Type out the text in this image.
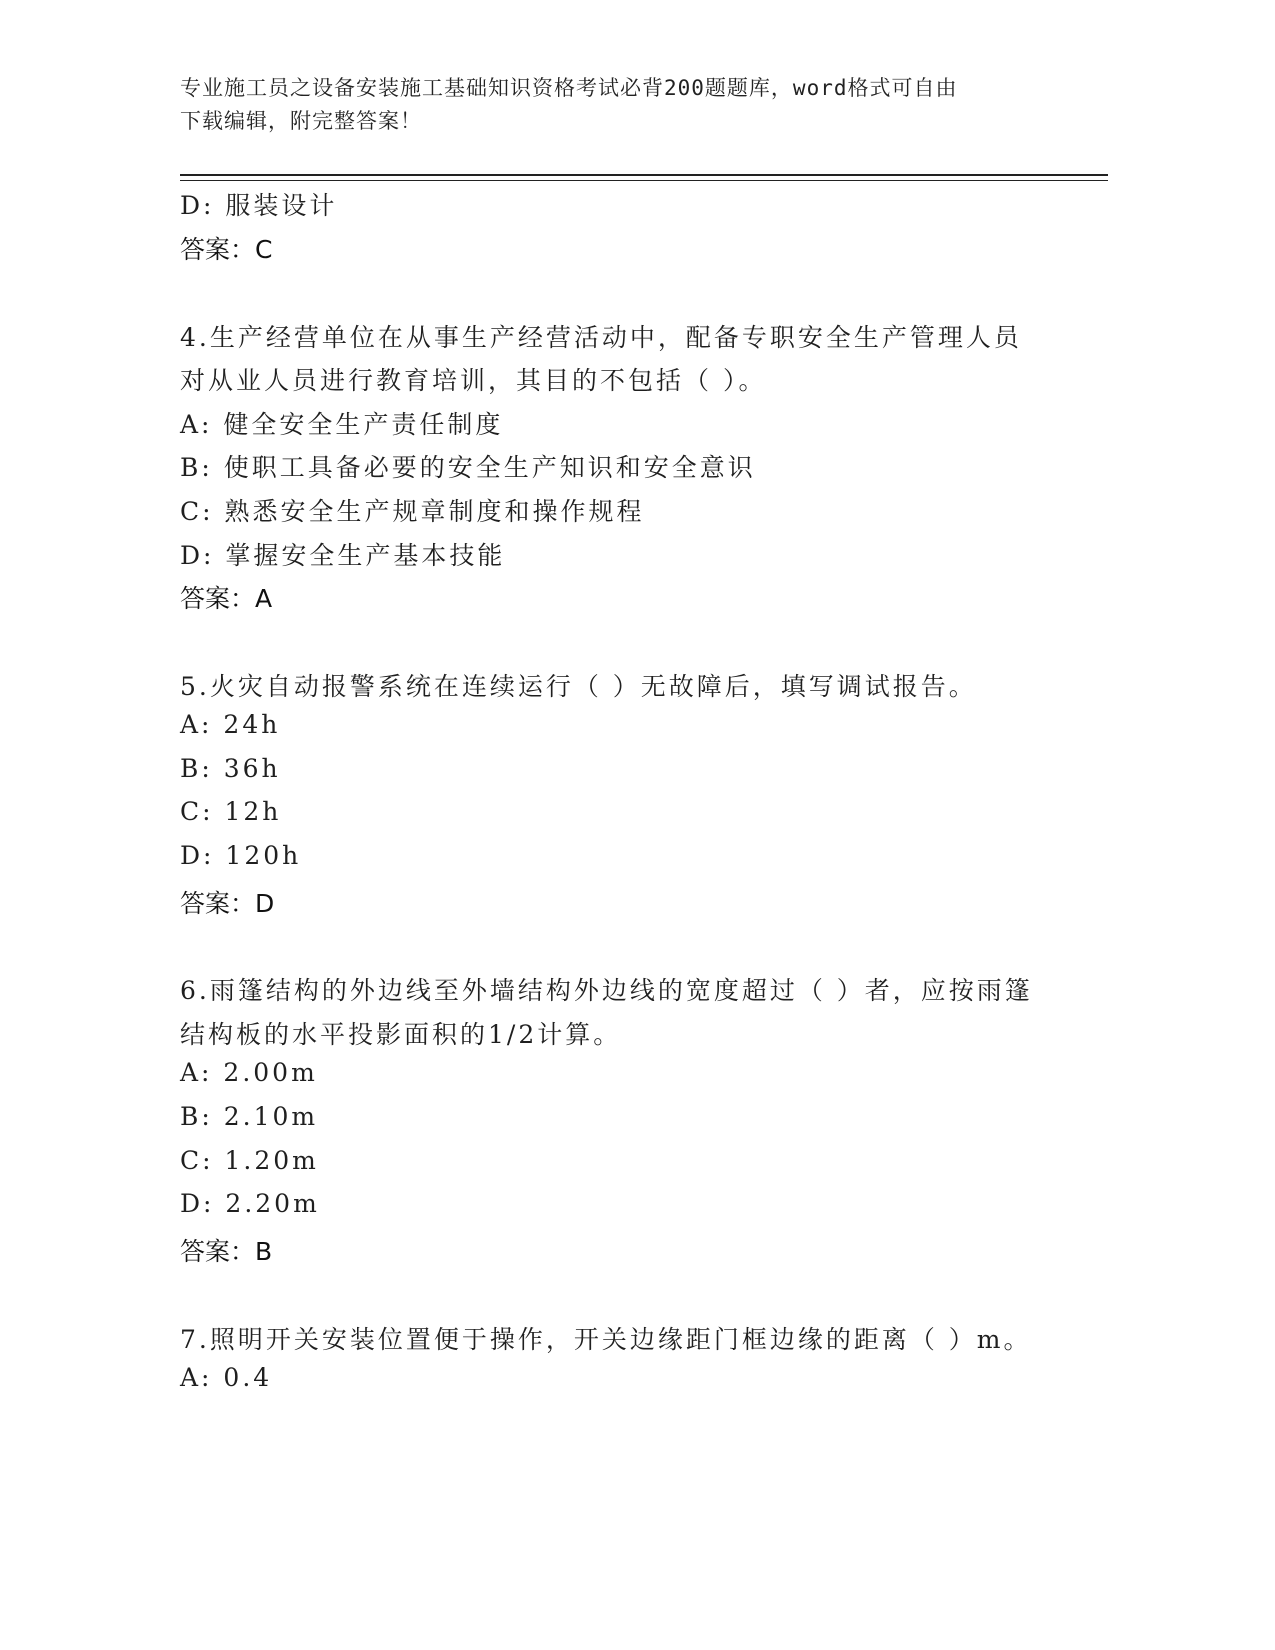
专业施工员之设备安装施工基础知识资格考试必背200题题库，word格式可自由
下载编辑，附完整答案！
D: 服装设计
答案：C
4.生产经营单位在从事生产经营活动中，配备专职安全生产管理人员
对从业人员进行教育培训，其目的不包括（ ）。
A: 健全安全生产责任制度
B: 使职工具备必要的安全生产知识和安全意识
C: 熟悉安全生产规章制度和操作规程
D: 掌握安全生产基本技能
答案：A
5.火灾自动报警系统在连续运行（ ）无故障后，填写调试报告。
A: 24h
B: 36h
C: 12h
D: 120h
答案：D
6.雨篷结构的外边线至外墙结构外边线的宽度超过（ ）者，应按雨篷
结构板的水平投影面积的1/2计算。
A: 2.00m
B: 2.10m
C: 1.20m
D: 2.20m
答案：B
7.照明开关安装位置便于操作，开关边缘距门框边缘的距离（ ）m。
A: 0.4
